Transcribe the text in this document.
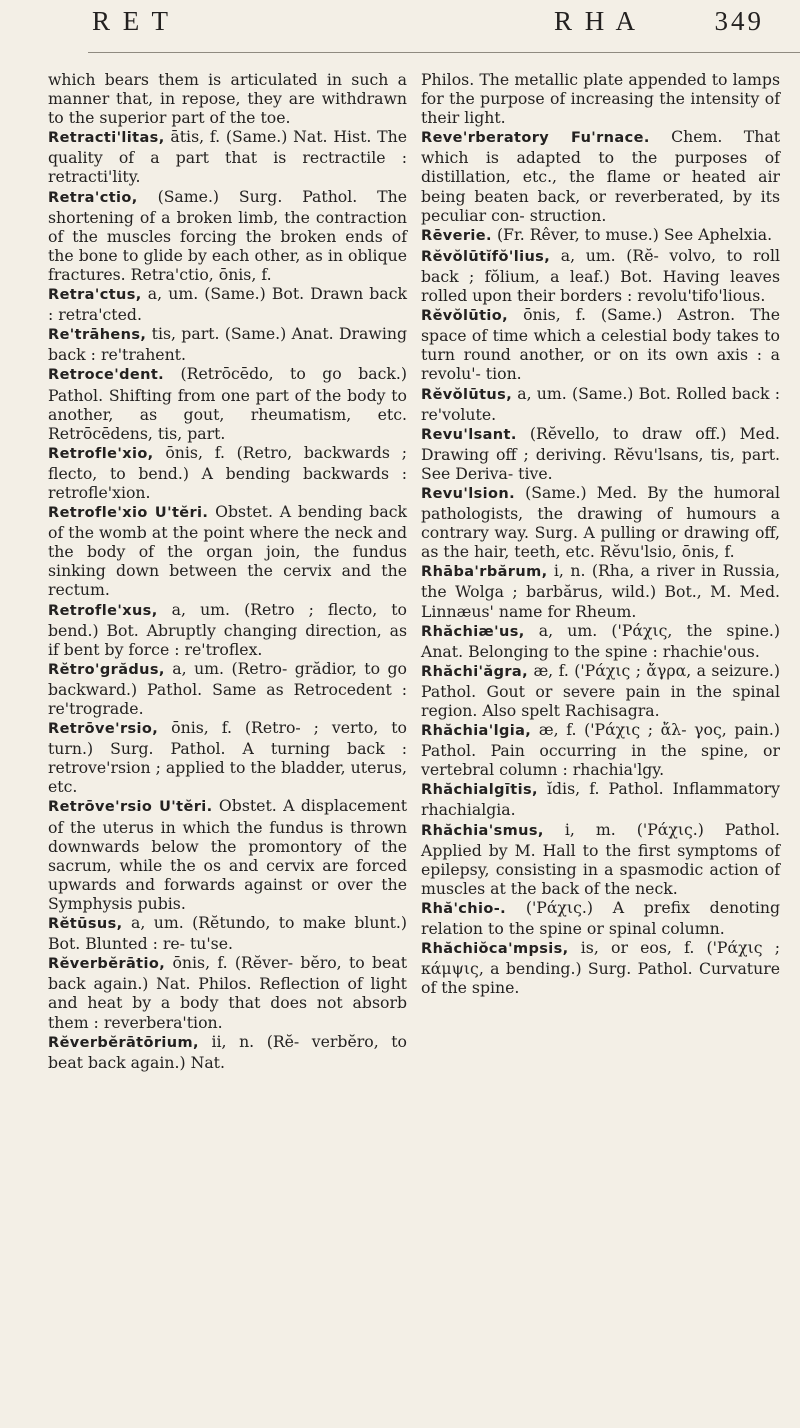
R E T	R H A	349

which bears them is articulated in such a manner that, in repose, they are withdrawn to the superior part of the toe.

Retracti'litas, ātis, f. (Same.) Nat. Hist. The quality of a part that is rectractile : retracti'lity.

Retra'ctio, (Same.) Surg. Pathol. The shortening of a broken limb, the contraction of the muscles forcing the broken ends of the bone to glide by each other, as in oblique fractures. Retra'ctio, ōnis, f.

Retra'ctus, a, um. (Same.) Bot. Drawn back : retra'cted.

Re'trāhens, tis, part. (Same.) Anat. Drawing back : re'trahent.

Retroce'dent. (Retrōcēdo, to go back.) Pathol. Shifting from one part of the body to another, as gout, rheumatism, etc. Retrōcēdens, tis, part.

Retrofle'xio, ōnis, f. (Retro, backwards ; flecto, to bend.) A bending backwards : retrofle'xion.

Retrofle'xio U'tĕri. Obstet. A bending back of the womb at the point where the neck and the body of the organ join, the fundus sinking down between the cervix and the rectum.

Retrofle'xus, a, um. (Retro ; flecto, to bend.) Bot. Abruptly changing direction, as if bent by force : re'troflex.

Rĕtro'grădus, a, um. (Retro- grădior, to go backward.) Pathol. Same as Retrocedent : re'trograde.

Retrōve'rsio, ōnis, f. (Retro- ; verto, to turn.) Surg. Pathol. A turning back : retrove'rsion ; applied to the bladder, uterus, etc.

Retrōve'rsio U'tĕri. Obstet. A displacement of the uterus in which the fundus is thrown downwards below the promontory of the sacrum, while the os and cervix are forced upwards and forwards against or over the Symphysis pubis.

Rĕtūsus, a, um. (Rĕtundo, to make blunt.) Bot. Blunted : re- tu'se.

Rĕverbĕrātio, ōnis, f. (Rĕver- bĕro, to beat back again.) Nat. Philos. Reflection of light and heat by a body that does not absorb them : reverbera'tion.

Rĕverbĕrātōrium, ii, n. (Rĕ- verbĕro, to beat back again.) Nat.

Philos. The metallic plate appended to lamps for the purpose of increasing the intensity of their light.

Reve'rberatory Fu'rnace. Chem. That which is adapted to the purposes of distillation, etc., the flame or heated air being beaten back, or reverberated, by its peculiar con- struction.

Rēverie. (Fr. Rêver, to muse.) See Aphelxia.

Rĕvŏlūtĭfŏ'lius, a, um. (Rĕ- volvo, to roll back ; fŏlium, a leaf.) Bot. Having leaves rolled upon their borders : revolu'tifo'lious.

Rĕvŏlūtio, ōnis, f. (Same.) Astron. The space of time which a celestial body takes to turn round another, or on its own axis : a revolu'- tion.

Rĕvŏlūtus, a, um. (Same.) Bot. Rolled back : re'volute.

Revu'lsant. (Rĕvello, to draw off.) Med. Drawing off ; deriving. Rĕvu'lsans, tis, part. See Deriva- tive.

Revu'lsion. (Same.) Med. By the humoral pathologists, the drawing of humours a contrary way. Surg. A pulling or drawing off, as the hair, teeth, etc. Rĕvu'lsio, ōnis, f.

Rhāba'rbărum, i, n. (Rha, a river in Russia, the Wolga ; barbărus, wild.) Bot., M. Med. Linnæus' name for Rheum.

Rhăchiæ'us, a, um. ('Ράχις, the spine.) Anat. Belonging to the spine : rhachie'ous.

Rhăchi'ăgra, æ, f. ('Ράχις ; ἄγρα, a seizure.) Pathol. Gout or severe pain in the spinal region. Also spelt Rachisagra.

Rhăchia'lgia, æ, f. ('Ράχις ; ἄλ- γος, pain.) Pathol. Pain occurring in the spine, or vertebral column : rhachia'lgy.

Rhăchialgītis, ĭdis, f. Pathol. Inflammatory rhachialgia.

Rhăchia'smus, i, m. ('Ράχις.) Pathol. Applied by M. Hall to the first symptoms of epilepsy, consisting in a spasmodic action of muscles at the back of the neck.

Rhă'chio-. ('Ράχις.) A prefix denoting relation to the spine or spinal column.

Rhăchiŏca'mpsis, is, or eos, f. ('Ράχις ; κάμψις, a bending.) Surg. Pathol. Curvature of the spine.
